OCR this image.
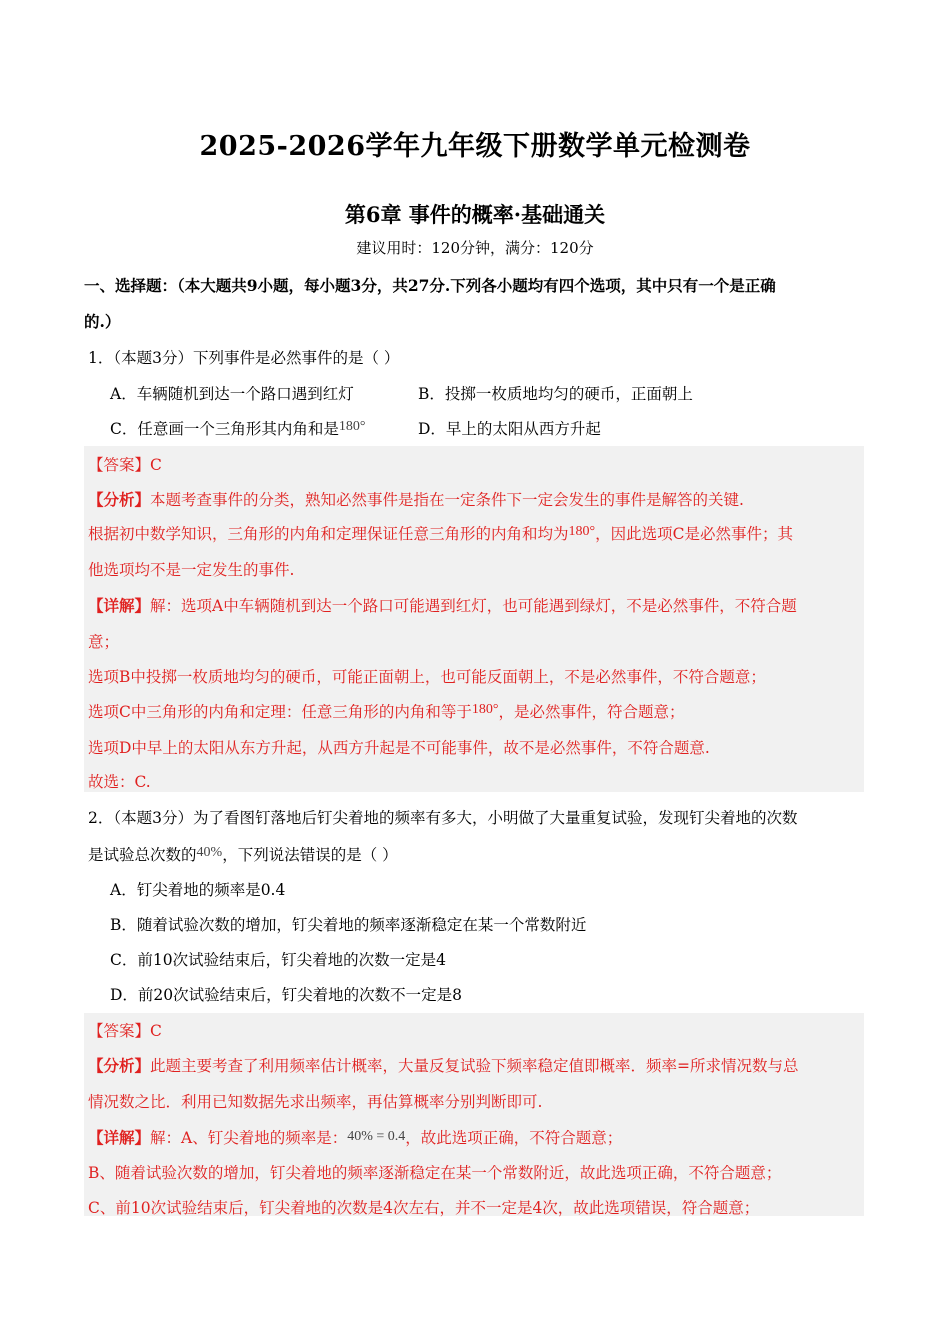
2025-2026学年九年级下册数学单元检测卷
第6章 事件的概率·基础通关
建议用时：120分钟，满分：120分
一、选择题：（本大题共9小题，每小题3分，共27分.下列各小题均有四个选项，其中只有一个是正确
的.）
1．（本题3分）下列事件是必然事件的是（ ）
A．车辆随机到达一个路口遇到红灯	B．投掷一枚质地均匀的硬币，正面朝上
C．任意画一个三角形其内角和是180°	D．早上的太阳从西方升起
【答案】C
【分析】本题考查事件的分类，熟知必然事件是指在一定条件下一定会发生的事件是解答的关键.
根据初中数学知识，三角形的内角和定理保证任意三角形的内角和均为180°，因此选项C是必然事件；其
他选项均不是一定发生的事件.
【详解】解：选项A中车辆随机到达一个路口可能遇到红灯，也可能遇到绿灯，不是必然事件，不符合题
意；
选项B中投掷一枚质地均匀的硬币，可能正面朝上，也可能反面朝上，不是必然事件，不符合题意；
选项C中三角形的内角和定理：任意三角形的内角和等于180°，是必然事件，符合题意；
选项D中早上的太阳从东方升起，从西方升起是不可能事件，故不是必然事件，不符合题意.
故选：C.
2．（本题3分）为了看图钉落地后钉尖着地的频率有多大，小明做了大量重复试验，发现钉尖着地的次数
是试验总次数的40%，下列说法错误的是（ ）
A．钉尖着地的频率是0.4
B．随着试验次数的增加，钉尖着地的频率逐渐稳定在某一个常数附近
C．前10次试验结束后，钉尖着地的次数一定是4
D．前20次试验结束后，钉尖着地的次数不一定是8
【答案】C
【分析】此题主要考查了利用频率估计概率，大量反复试验下频率稳定值即概率．频率=所求情况数与总
情况数之比．利用已知数据先求出频率，再估算概率分别判断即可.
【详解】解：A、钉尖着地的频率是：40% = 0.4，故此选项正确，不符合题意；
B、随着试验次数的增加，钉尖着地的频率逐渐稳定在某一个常数附近，故此选项正确，不符合题意；
C、前10次试验结束后，钉尖着地的次数是4次左右，并不一定是4次，故此选项错误，符合题意；
